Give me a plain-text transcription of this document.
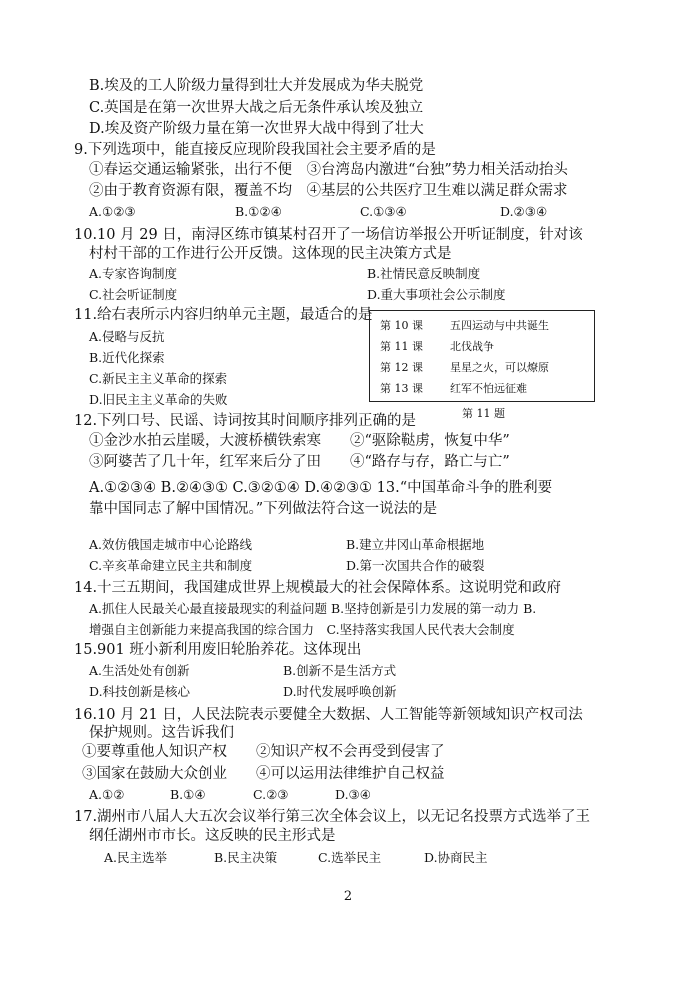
B.埃及的工人阶级力量得到壮大并发展成为华夫脱党
C.英国是在第一次世界大战之后无条件承认埃及独立
D.埃及资产阶级力量在第一次世界大战中得到了壮大
9.下列选项中，能直接反应现阶段我国社会主要矛盾的是
①春运交通运输紧张，出行不便　③台湾岛内激进“台独”势力相关活动抬头
②由于教育资源有限，覆盖不均　④基层的公共医疗卫生难以满足群众需求
A.①②③	B.①②④	C.①③④	D.②③④
10.10 月 29 日，南浔区练市镇某村召开了一场信访举报公开听证制度，针对该
村村干部的工作进行公开反馈。这体现的民主决策方式是
A.专家咨询制度	B.社情民意反映制度
C.社会听证制度	D.重大事项社会公示制度
11.给右表所示内容归纳单元主题，最适合的是
A.侵略与反抗
B.近代化探索
C.新民主主义革命的探索
D.旧民主主义革命的失败
第 10 课 五四运动与中共诞生
第 11 课 北伐战争
第 12 课 星星之火，可以燎原
第 13 课 红军不怕远征难
第 11 题
12.下列口号、民谣、诗词按其时间顺序排列正确的是
①金沙水拍云崖暖，大渡桥横铁索寒　　②“驱除鞑虏，恢复中华”
③阿婆苦了几十年，红军来后分了田　　④“路存与存，路亡与亡”
A.①②③④ B.②④③① C.③②①④ D.④②③① 13.“中国革命斗争的胜利要
靠中国同志了解中国情况。”下列做法符合这一说法的是
A.效仿俄国走城市中心论路线	B.建立井冈山革命根据地
C.辛亥革命建立民主共和制度	D.第一次国共合作的破裂
14.十三五期间，我国建成世界上规模最大的社会保障体系。这说明党和政府
A.抓住人民最关心最直接最现实的利益问题 B.坚持创新是引力发展的第一动力 B.
增强自主创新能力来提高我国的综合国力　C.坚持落实我国人民代表大会制度
15.901 班小新利用废旧轮胎养花。这体现出
A.生活处处有创新	B.创新不是生活方式
D.科技创新是核心	D.时代发展呼唤创新
16.10 月 21 日，人民法院表示要健全大数据、人工智能等新领域知识产权司法
保护规则。这告诉我们
①要尊重他人知识产权　　②知识产权不会再受到侵害了
③国家在鼓励大众创业　　④可以运用法律维护自己权益
A.①②	B.①④	C.②③	D.③④
17.湖州市八届人大五次会议举行第三次全体会议上，以无记名投票方式选举了王
纲任湖州市市长。这反映的民主形式是
A.民主选举	B.民主决策	C.选举民主	D.协商民主
2
